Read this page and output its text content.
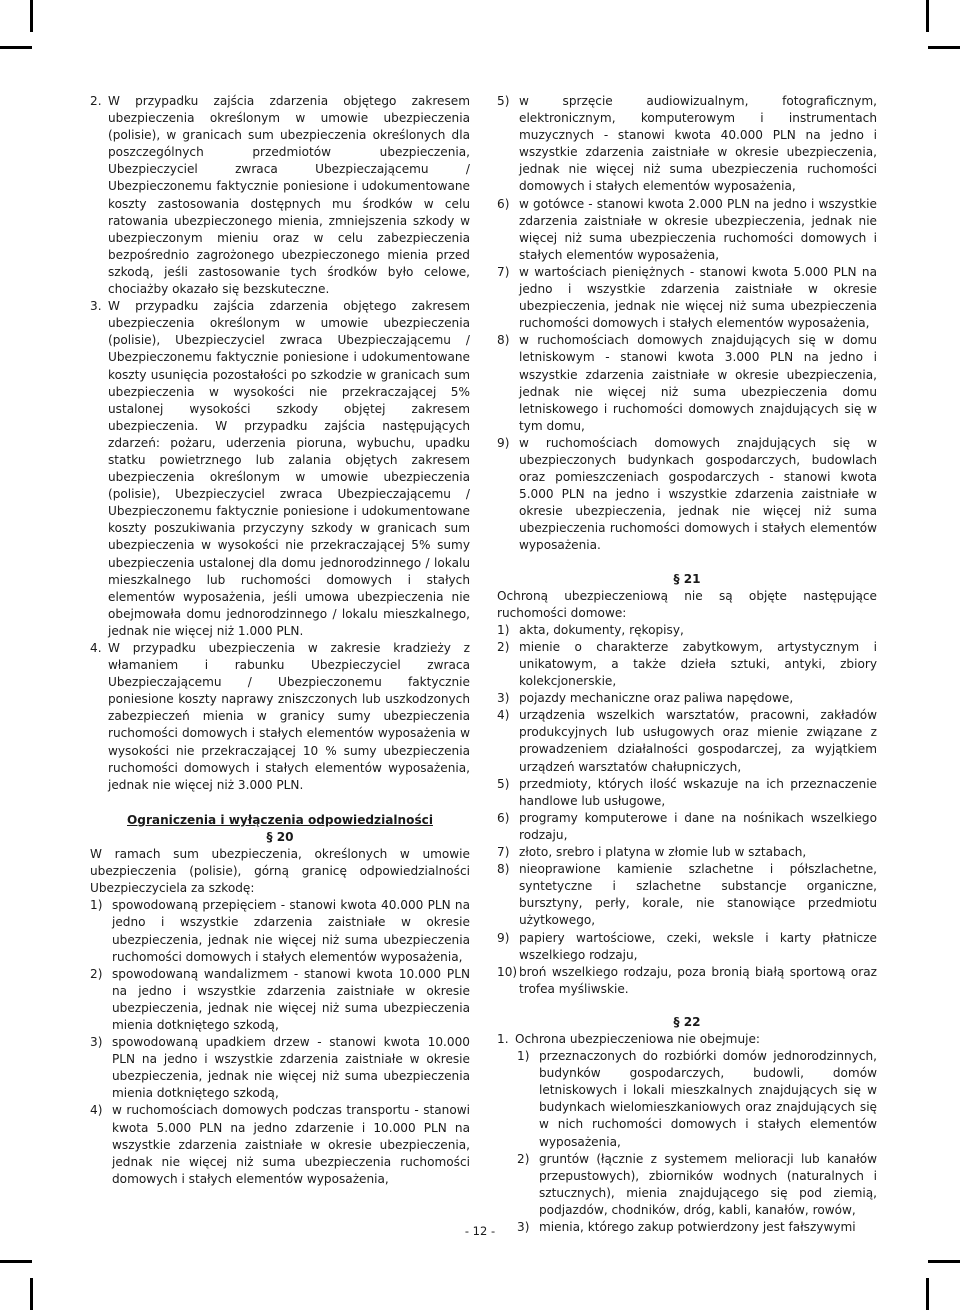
2. W przypadku zajścia zdarzenia objętego zakresem ubezpieczenia określonym w umowie ubezpieczenia (polisie), w granicach sum ubezpieczenia określonych dla poszczególnych przedmiotów ubezpieczenia, Ubezpieczyciel zwraca Ubezpieczającemu / Ubezpieczonemu faktycznie poniesione i udokumentowane koszty zastosowania dostępnych mu środków w celu ratowania ubezpieczonego mienia, zmniejszenia szkody w ubezpieczonym mieniu oraz w celu zabezpieczenia bezpośrednio zagrożonego ubezpieczonego mienia przed szkodą, jeśli zastosowanie tych środków było celowe, chociażby okazało się bezskuteczne.
3. W przypadku zajścia zdarzenia objętego zakresem ubezpieczenia określonym w umowie ubezpieczenia (polisie), Ubezpieczyciel zwraca Ubezpieczającemu / Ubezpieczonemu faktycznie poniesione i udokumentowane koszty usunięcia pozostałości po szkodzie w granicach sum ubezpieczenia w wysokości nie przekraczającej 5% ustalonej wysokości szkody objętej zakresem ubezpieczenia. W przypadku zajścia następujących zdarzeń: pożaru, uderzenia pioruna, wybuchu, upadku statku powietrznego lub zalania objętych zakresem ubezpieczenia określonym w umowie ubezpieczenia (polisie), Ubezpieczyciel zwraca Ubezpieczającemu / Ubezpieczonemu faktycznie poniesione i udokumentowane koszty poszukiwania przyczyny szkody w granicach sum ubezpieczenia w wysokości nie przekraczającej 5% sumy ubezpieczenia ustalonej dla domu jednorodzinnego / lokalu mieszkalnego lub ruchomości domowych i stałych elementów wyposażenia, jeśli umowa ubezpieczenia nie obejmowała domu jednorodzinnego / lokalu mieszkalnego, jednak nie więcej niż 1.000 PLN.
4. W przypadku ubezpieczenia w zakresie kradzieży z włamaniem i rabunku Ubezpieczyciel zwraca Ubezpieczającemu / Ubezpieczonemu faktycznie poniesione koszty naprawy zniszczonych lub uszkodzonych zabezpieczeń mienia w granicy sumy ubezpieczenia ruchomości domowych i stałych elementów wyposażenia w wysokości nie przekraczającej 10 % sumy ubezpieczenia ruchomości domowych i stałych elementów wyposażenia, jednak nie więcej niż 3.000 PLN.

Ograniczenia i wyłączenia odpowiedzialności

§ 20

W ramach sum ubezpieczenia, określonych w umowie ubezpieczenia (polisie), górną granicę odpowiedzialności Ubezpieczyciela za szkodę:

1) spowodowaną przepięciem - stanowi kwota 40.000 PLN na jedno i wszystkie zdarzenia zaistniałe w okresie ubezpieczenia, jednak nie więcej niż suma ubezpieczenia ruchomości domowych i stałych elementów wyposażenia,
2) spowodowaną wandalizmem - stanowi kwota 10.000 PLN na jedno i wszystkie zdarzenia zaistniałe w okresie ubezpieczenia, jednak nie więcej niż suma ubezpieczenia mienia dotkniętego szkodą,
3) spowodowaną upadkiem drzew - stanowi kwota 10.000 PLN na jedno i wszystkie zdarzenia zaistniałe w okresie ubezpieczenia, jednak nie więcej niż suma ubezpieczenia mienia dotkniętego szkodą,
4) w ruchomościach domowych podczas transportu - stanowi kwota 5.000 PLN na jedno zdarzenie i 10.000 PLN na wszystkie zdarzenia zaistniałe w okresie ubezpieczenia, jednak nie więcej niż suma ubezpieczenia ruchomości domowych i stałych elementów wyposażenia,
5) w sprzęcie audiowizualnym, fotograficznym, elektronicznym, komputerowym i instrumentach muzycznych - stanowi kwota 40.000 PLN na jedno i wszystkie zdarzenia zaistniałe w okresie ubezpieczenia, jednak nie więcej niż suma ubezpieczenia ruchomości domowych i stałych elementów wyposażenia,
6) w gotówce - stanowi kwota 2.000 PLN na jedno i wszystkie zdarzenia zaistniałe w okresie ubezpieczenia, jednak nie więcej niż suma ubezpieczenia ruchomości domowych i stałych elementów wyposażenia,
7) w wartościach pieniężnych - stanowi kwota 5.000 PLN na jedno i wszystkie zdarzenia zaistniałe w okresie ubezpieczenia, jednak nie więcej niż suma ubezpieczenia ruchomości domowych i stałych elementów wyposażenia,
8) w ruchomościach domowych znajdujących się w domu letniskowym - stanowi kwota 3.000 PLN na jedno i wszystkie zdarzenia zaistniałe w okresie ubezpieczenia, jednak nie więcej niż suma ubezpieczenia domu letniskowego i ruchomości domowych znajdujących się w tym domu,
9) w ruchomościach domowych znajdujących się w ubezpieczonych budynkach gospodarczych, budowlach oraz pomieszczeniach gospodarczych - stanowi kwota 5.000 PLN na jedno i wszystkie zdarzenia zaistniałe w okresie ubezpieczenia, jednak nie więcej niż suma ubezpieczenia ruchomości domowych i stałych elementów wyposażenia.

§ 21

Ochroną ubezpieczeniową nie są objęte następujące ruchomości domowe:

1) akta, dokumenty, rękopisy,
2) mienie o charakterze zabytkowym, artystycznym i unikatowym, a także dzieła sztuki, antyki, zbiory kolekcjonerskie,
3) pojazdy mechaniczne oraz paliwa napędowe,
4) urządzenia wszelkich warsztatów, pracowni, zakładów produkcyjnych lub usługowych oraz mienie związane z prowadzeniem działalności gospodarczej, za wyjątkiem urządzeń warsztatów chałupniczych,
5) przedmioty, których ilość wskazuje na ich przeznaczenie handlowe lub usługowe,
6) programy komputerowe i dane na nośnikach wszelkiego rodzaju,
7) złoto, srebro i platyna w złomie lub w sztabach,
8) nieoprawione kamienie szlachetne i półszlachetne, syntetyczne i szlachetne substancje organiczne, bursztyny, perły, korale, nie stanowiące przedmiotu użytkowego,
9) papiery wartościowe, czeki, weksle i karty płatnicze wszelkiego rodzaju,
10) broń wszelkiego rodzaju, poza bronią białą sportową oraz trofea myśliwskie.

§ 22

1. Ochrona ubezpieczeniowa nie obejmuje:
1) przeznaczonych do rozbiórki domów jednorodzinnych, budynków gospodarczych, budowli, domów letniskowych i lokali mieszkalnych znajdujących się w budynkach wielomieszkaniowych oraz znajdujących się w nich ruchomości domowych i stałych elementów wyposażenia,
2) gruntów (łącznie z systemem melioracji lub kanałów przepustowych), zbiorników wodnych (naturalnych i sztucznych), mienia znajdującego się pod ziemią, podjazdów, chodników, dróg, kabli, kanałów, rowów,
3) mienia, którego zakup potwierdzony jest fałszywymi
- 12 -
